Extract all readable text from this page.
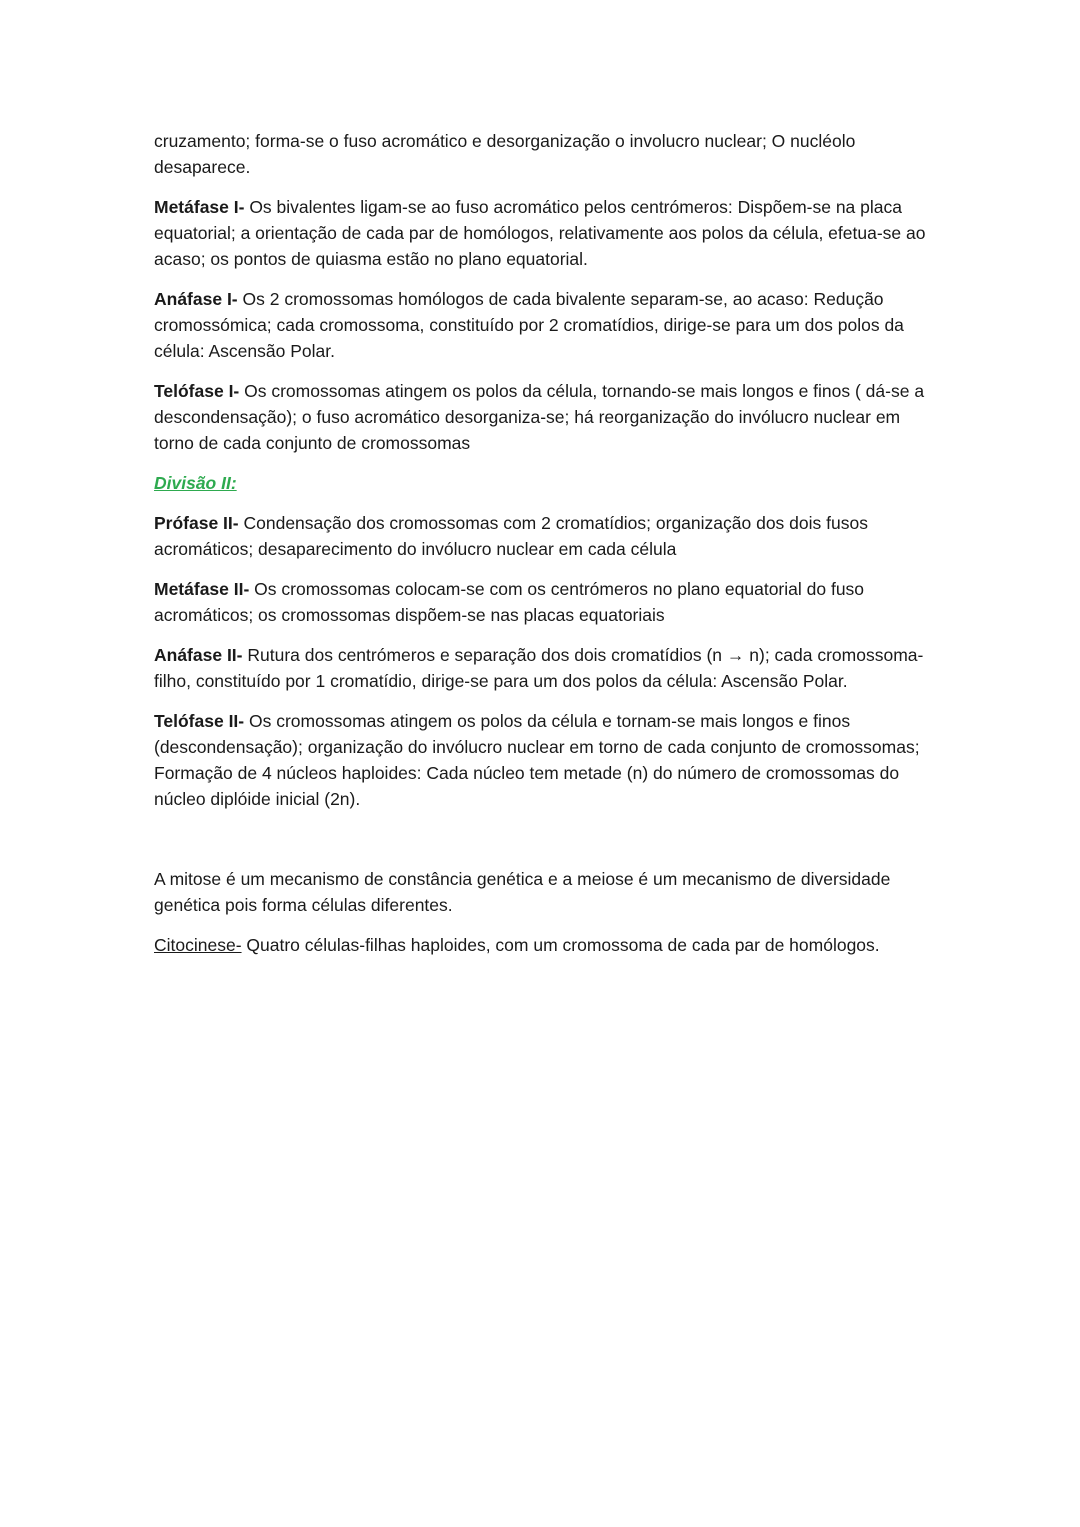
cruzamento; forma-se o fuso acromático e desorganização o involucro nuclear; O nucléolo desaparece.

Metáfase I- Os bivalentes ligam-se ao fuso acromático pelos centrómeros: Dispõem-se na placa equatorial; a orientação de cada par de homólogos, relativamente aos polos da célula, efetua-se ao acaso; os pontos de quiasma estão no plano equatorial.

Anáfase I- Os 2 cromossomas homólogos de cada bivalente separam-se, ao acaso: Redução cromossómica; cada cromossoma, constituído por 2 cromatídios, dirige-se para um dos polos da célula: Ascensão Polar.

Telófase I- Os cromossomas atingem os polos da célula, tornando-se mais longos e finos ( dá-se a descondensação); o fuso acromático desorganiza-se; há reorganização do invólucro nuclear em torno de cada conjunto de cromossomas

Divisão II:

Prófase II- Condensação dos cromossomas com 2 cromatídios; organização dos dois fusos acromáticos; desaparecimento do invólucro nuclear em cada célula

Metáfase II- Os cromossomas colocam-se com os centrómeros no plano equatorial do fuso acromáticos; os cromossomas dispõem-se nas placas equatoriais

Anáfase II- Rutura dos centrómeros e separação dos dois cromatídios (n → n); cada cromossoma-filho, constituído por 1 cromatídio, dirige-se para um dos polos da célula: Ascensão Polar.

Telófase II- Os cromossomas atingem os polos da célula e tornam-se mais longos e finos (descondensação); organização do invólucro nuclear em torno de cada conjunto de cromossomas; Formação de 4 núcleos haploides: Cada núcleo tem metade (n) do número de cromossomas do núcleo diplóide inicial (2n).

A mitose é um mecanismo de constância genética e a meiose é um mecanismo de diversidade genética pois forma células diferentes.

Citocinese- Quatro células-filhas haploides, com um cromossoma de cada par de homólogos.
